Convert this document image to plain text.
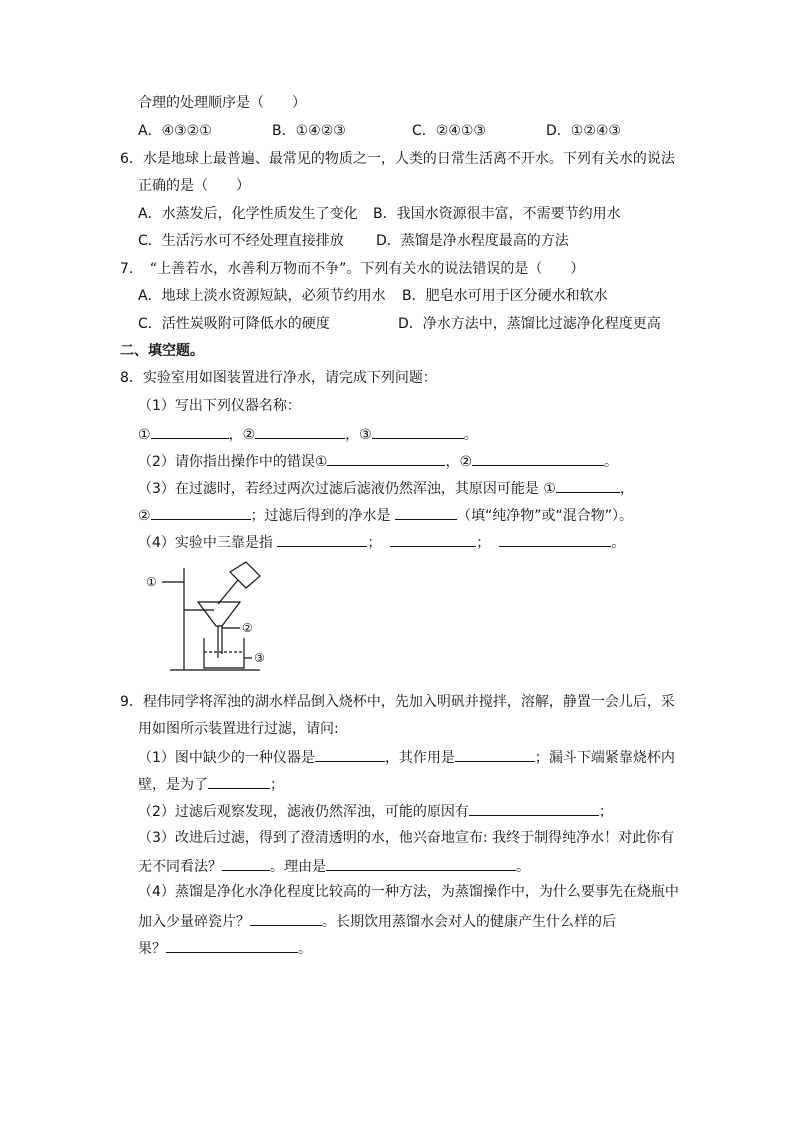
合理的处理顺序是（　　）
A．④③②①	B．①④②③	C．②④①③	D．①②④③
6．水是地球上最普遍、最常见的物质之一，人类的日常生活离不开水。下列有关水的说法
正确的是（　　）
A．水蒸发后，化学性质发生了变化 B．我国水资源很丰富，不需要节约用水
C．生活污水可不经处理直接排放 D．蒸馏是净水程度最高的方法
7．　“上善若水，水善利万物而不争”。下列有关水的说法错误的是（　　）
A．地球上淡水资源短缺，必须节约用水 B．肥皂水可用于区分硬水和软水
C．活性炭吸附可降低水的硬度	D．净水方法中，蒸馏比过滤净化程度更高
二、填空题。
8．实验室用如图装置进行净水，请完成下列问题：
（1）写出下列仪器名称：
①	，②	，③	。
（2）请你指出操作中的错误①	，②	。
（3）在过滤时，若经过两次过滤后滤液仍然浑浊，其原因可能是 ①	，
②	；过滤后得到的净水是	（填“纯净物”或“混合物”）。
（4）实验中三靠是指	；	；	。
①
②
③
9．程伟同学将浑浊的湖水样品倒入烧杯中，先加入明矾并搅拌，溶解，静置一会儿后，采
用如图所示装置进行过滤，请问:
（1）图中缺少的一种仪器是	，其作用是	；漏斗下端紧靠烧杯内
壁，是为了	；
（2）过滤后观察发现，滤液仍然浑浊，可能的原因有	；
（3）改进后过滤，得到了澄清透明的水，他兴奋地宣布: 我终于制得纯净水！对此你有
无不同看法？	。理由是	。
（4）蒸馏是净化水净化程度比较高的一种方法，为蒸馏操作中，为什么要事先在烧瓶中
加入少量碎瓷片？	。长期饮用蒸馏水会对人的健康产生什么样的后
果？	。
